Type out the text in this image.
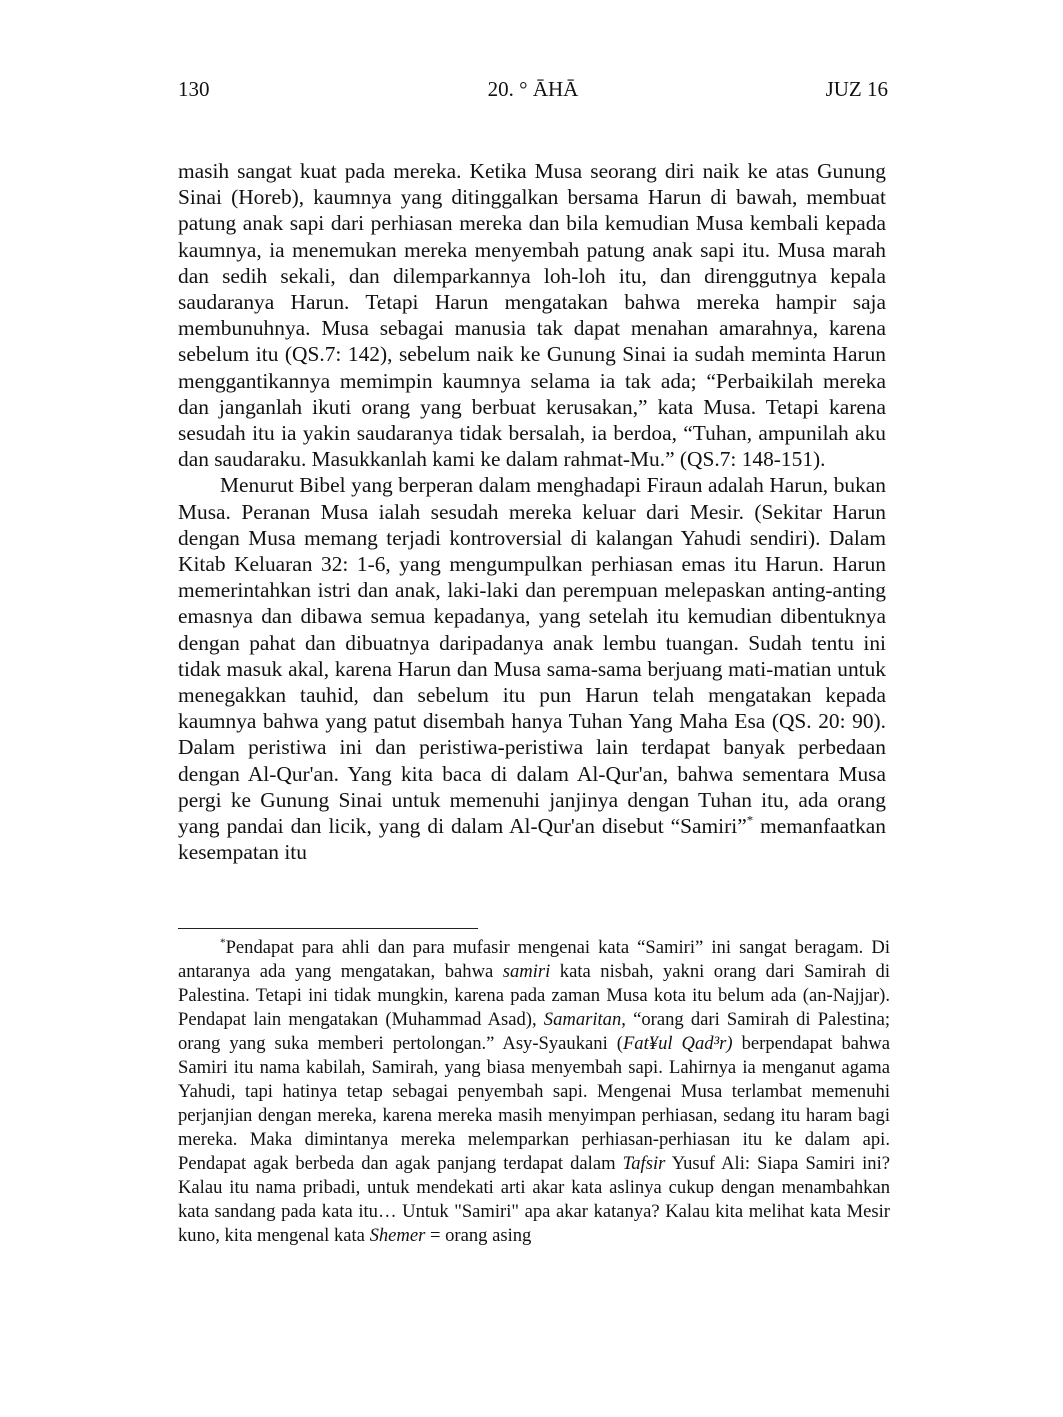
20. ° ĀHĀ
130	JUZ 16

masih sangat kuat pada mereka. Ketika Musa seorang diri naik ke atas Gunung Sinai (Horeb), kaumnya yang ditinggalkan bersama Harun di bawah, membuat patung anak sapi dari perhiasan mereka dan bila kemudian Musa kembali kepada kaumnya, ia menemukan mereka menyembah patung anak sapi itu. Musa marah dan sedih sekali, dan dilemparkannya loh-loh itu, dan direnggutnya kepala saudaranya Harun. Tetapi Harun mengatakan bahwa mereka hampir saja membunuhnya. Musa sebagai manusia tak dapat menahan amarahnya, karena sebelum itu (QS.7: 142), sebelum naik ke Gunung Sinai ia sudah meminta Harun menggantikannya memimpin kaumnya selama ia tak ada; “Perbaikilah mereka dan janganlah ikuti orang yang berbuat kerusakan,” kata Musa. Tetapi karena sesudah itu ia yakin saudaranya tidak bersalah, ia berdoa, “Tuhan, ampunilah aku dan saudaraku. Masukkanlah kami ke dalam rahmat-Mu.” (QS.7: 148-151).

Menurut Bibel yang berperan dalam menghadapi Firaun adalah Harun, bukan Musa. Peranan Musa ialah sesudah mereka keluar dari Mesir. (Sekitar Harun dengan Musa memang terjadi kontroversial di kalangan Yahudi sendiri). Dalam Kitab Keluaran 32: 1-6, yang mengumpulkan perhiasan emas itu Harun. Harun memerintahkan istri dan anak, laki-laki dan perempuan melepaskan anting-anting emasnya dan dibawa semua kepadanya, yang setelah itu kemudian dibentuknya dengan pahat dan dibuatnya daripadanya anak lembu tuangan. Sudah tentu ini tidak masuk akal, karena Harun dan Musa sama-sama berjuang mati-matian untuk menegakkan tauhid, dan sebelum itu pun Harun telah mengatakan kepada kaumnya bahwa yang patut disembah hanya Tuhan Yang Maha Esa (QS. 20: 90). Dalam peristiwa ini dan peristiwa-peristiwa lain terdapat banyak perbedaan dengan Al-Qur'an. Yang kita baca di dalam Al-Qur'an, bahwa sementara Musa pergi ke Gunung Sinai untuk memenuhi janjinya dengan Tuhan itu, ada orang yang pandai dan licik, yang di dalam Al-Qur'an disebut “Samiri”* memanfaatkan kesempatan itu

*Pendapat para ahli dan para mufasir mengenai kata “Samiri” ini sangat beragam. Di antaranya ada yang mengatakan, bahwa samiri kata nisbah, yakni orang dari Samirah di Palestina. Tetapi ini tidak mungkin, karena pada zaman Musa kota itu belum ada (an-Najjar). Pendapat lain mengatakan (Muhammad Asad), Samaritan, “orang dari Samirah di Palestina; orang yang suka memberi pertolongan.” Asy-Syaukani (Fat¥ul Qad³r) berpendapat bahwa Samiri itu nama kabilah, Samirah, yang biasa menyembah sapi. Lahirnya ia menganut agama Yahudi, tapi hatinya tetap sebagai penyembah sapi. Mengenai Musa terlambat memenuhi perjanjian dengan mereka, karena mereka masih menyimpan perhiasan, sedang itu haram bagi mereka. Maka dimintanya mereka melemparkan perhiasan-perhiasan itu ke dalam api. Pendapat agak berbeda dan agak panjang terdapat dalam Tafsir Yusuf Ali: Siapa Samiri ini? Kalau itu nama pribadi, untuk mendekati arti akar kata aslinya cukup dengan menambahkan kata sandang pada kata itu… Untuk "Samiri" apa akar katanya? Kalau kita melihat kata Mesir kuno, kita mengenal kata Shemer = orang asing
